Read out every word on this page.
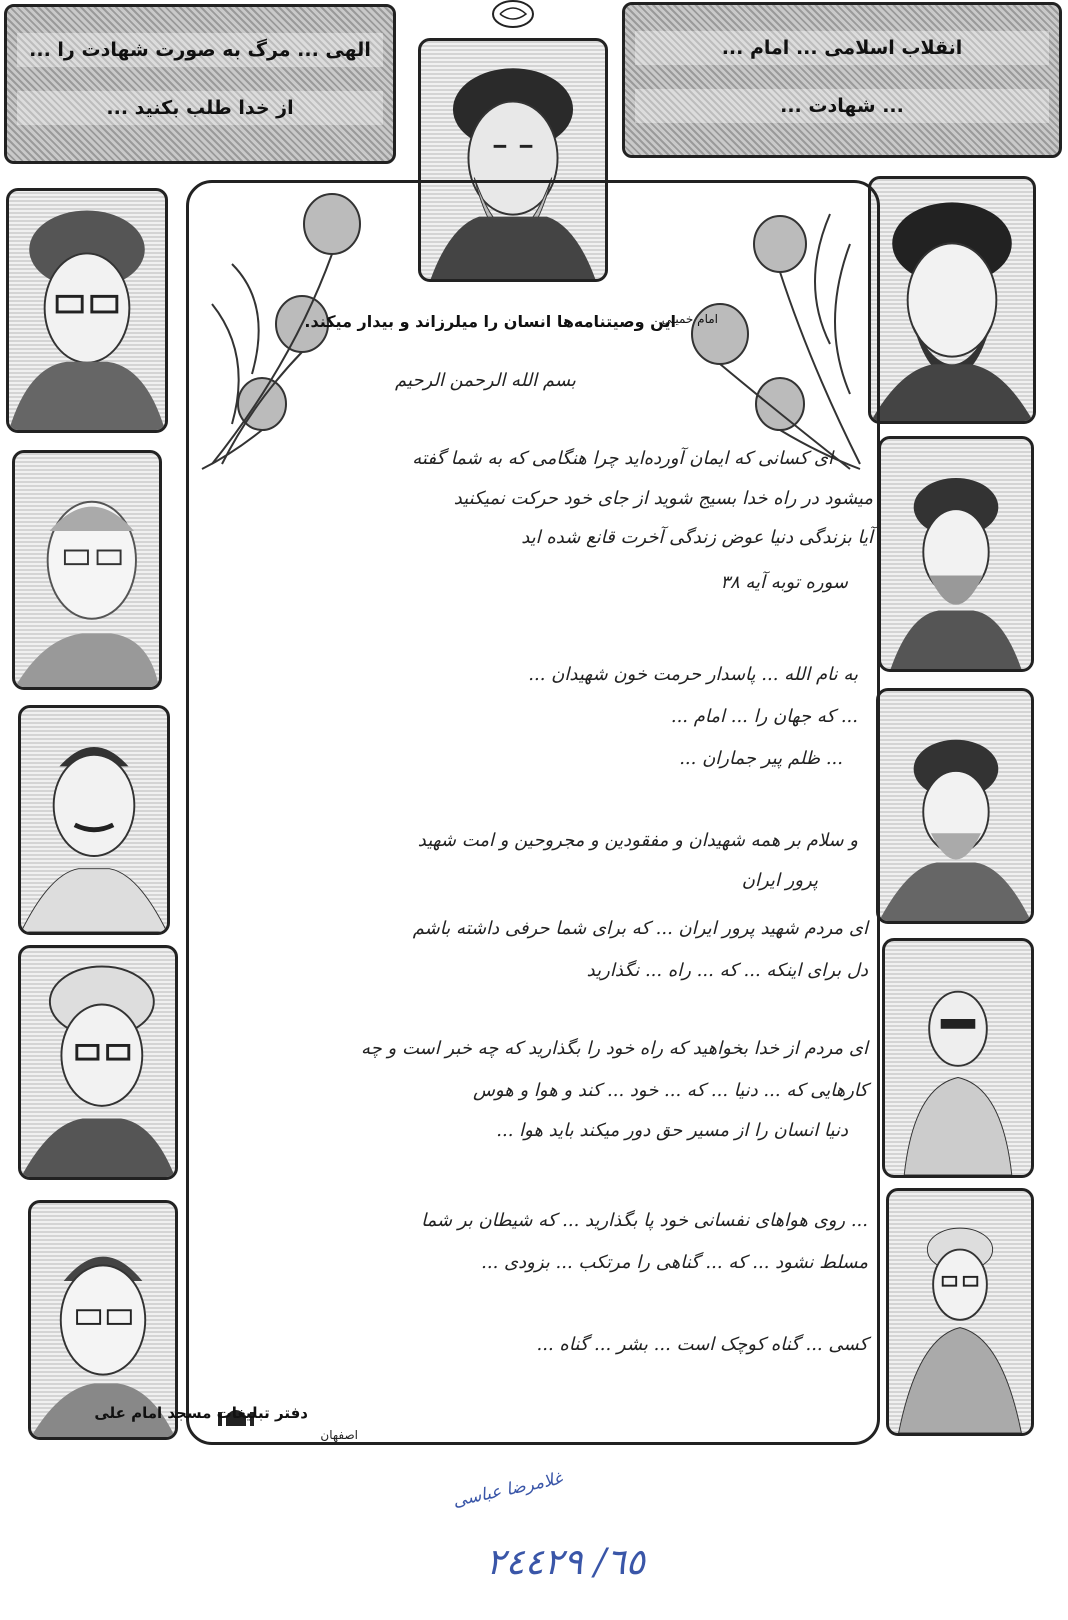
الهی ... مرگ به صورت شهادت را ...
از خدا طلب بکنید ...
انقلاب اسلامی ... امام ...
... شهادت ...
این وصیتنامه‌ها انسان را میلرزاند و بیدار میکند.
امام خمینی
بسم الله الرحمن الرحیم
ای کسانی که ایمان آورده‌اید چرا هنگامی که به شما گفته
میشود در راه خدا بسیج شوید از جای خود حرکت نمیکنید
آیا بزندگی دنیا عوض زندگی آخرت قانع شده اید
سوره توبه آیه ۳۸
به نام الله ... پاسدار حرمت خون شهیدان ...
... که جهان را ... امام ...
... ظلم پیر جماران ...
و سلام بر همه شهیدان و مفقودین و مجروحین و امت شهید
پرور ایران
ای مردم شهید پرور ایران ... که برای شما حرفی داشته باشم
دل برای اینکه ... که ... راه ... نگذارید
ای مردم از خدا بخواهید که راه خود را بگذارید که چه خبر است و چه
کارهایی که ... دنیا ... که ... خود ... کند و هوا و هوس
دنیا انسان را از مسیر حق دور میکند باید هوا ...
... روی هواهای نفسانی خود پا بگذارید ... که شیطان بر شما
مسلط نشود ... که ... گناهی را مرتکب ... بزودی ...
کسی ... گناه کوچک است ... بشر ... گناه ...
دفتر تبلیغات مسجد امام علی
اصفهان
غلامرضا عباسی
٦٥/ ٢٤٤٢٩
